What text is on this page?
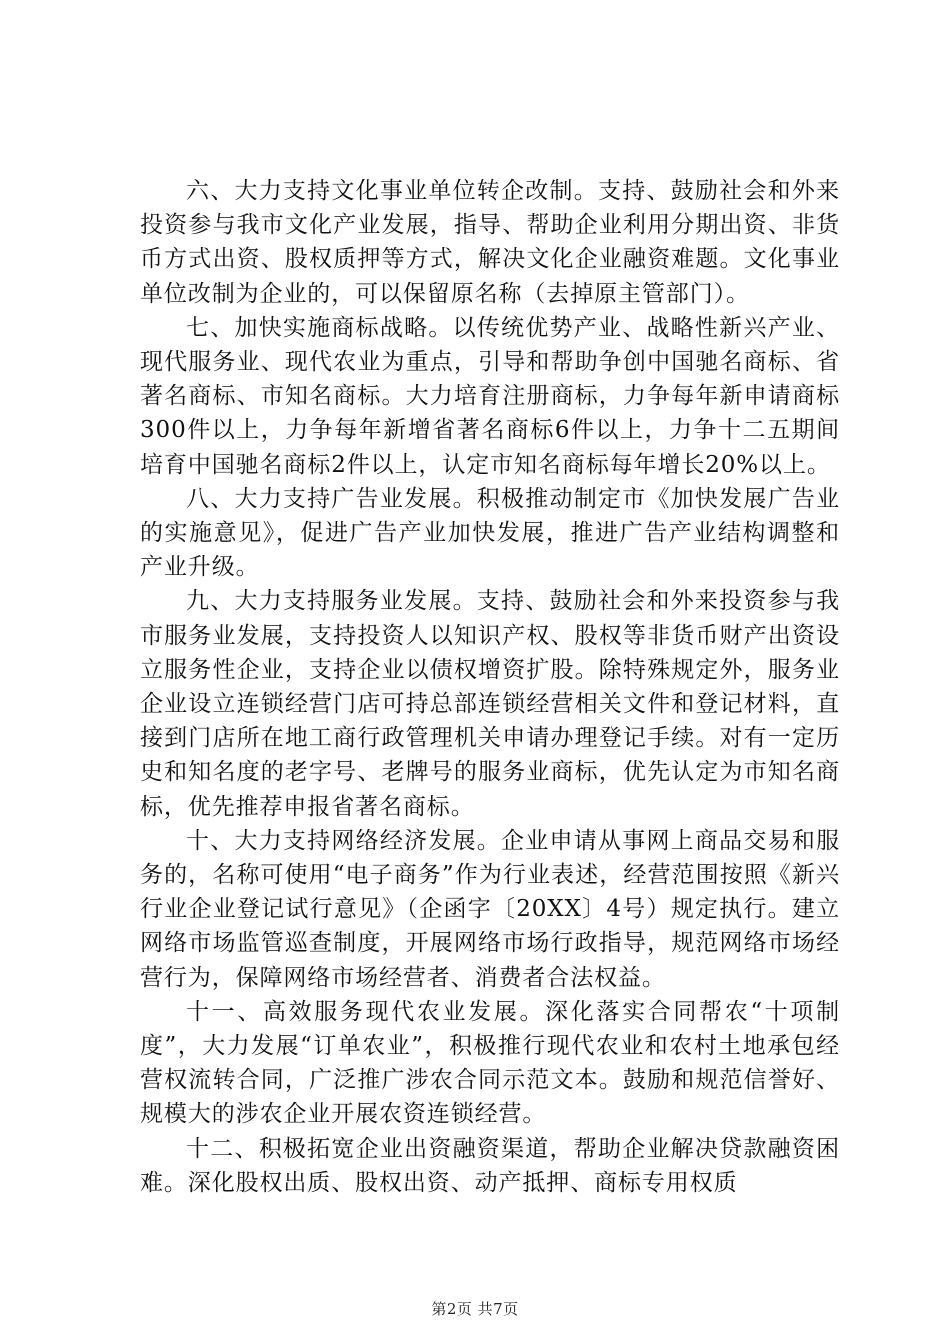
六、大力支持文化事业单位转企改制。支持、鼓励社会和外来投资参与我市文化产业发展，指导、帮助企业利用分期出资、非货币方式出资、股权质押等方式，解决文化企业融资难题。文化事业单位改制为企业的，可以保留原名称（去掉原主管部门）。

七、加快实施商标战略。以传统优势产业、战略性新兴产业、现代服务业、现代农业为重点，引导和帮助争创中国驰名商标、省著名商标、市知名商标。大力培育注册商标，力争每年新申请商标300件以上，力争每年新增省著名商标6件以上，力争十二五期间培育中国驰名商标2件以上，认定市知名商标每年增长20%以上。

八、大力支持广告业发展。积极推动制定市《加快发展广告业的实施意见》，促进广告产业加快发展，推进广告产业结构调整和产业升级。

九、大力支持服务业发展。支持、鼓励社会和外来投资参与我市服务业发展，支持投资人以知识产权、股权等非货币财产出资设立服务性企业，支持企业以债权增资扩股。除特殊规定外，服务业企业设立连锁经营门店可持总部连锁经营相关文件和登记材料，直接到门店所在地工商行政管理机关申请办理登记手续。对有一定历史和知名度的老字号、老牌号的服务业商标，优先认定为市知名商标，优先推荐申报省著名商标。

十、大力支持网络经济发展。企业申请从事网上商品交易和服务的，名称可使用“电子商务”作为行业表述，经营范围按照《新兴行业企业登记试行意见》（企函字〔20XX〕4号）规定执行。建立网络市场监管巡查制度，开展网络市场行政指导，规范网络市场经营行为，保障网络市场经营者、消费者合法权益。

十一、高效服务现代农业发展。深化落实合同帮农“十项制度”，大力发展“订单农业”，积极推行现代农业和农村土地承包经营权流转合同，广泛推广涉农合同示范文本。鼓励和规范信誉好、规模大的涉农企业开展农资连锁经营。

十二、积极拓宽企业出资融资渠道，帮助企业解决贷款融资困难。深化股权出质、股权出资、动产抵押、商标专用权质

第2页 共7页
